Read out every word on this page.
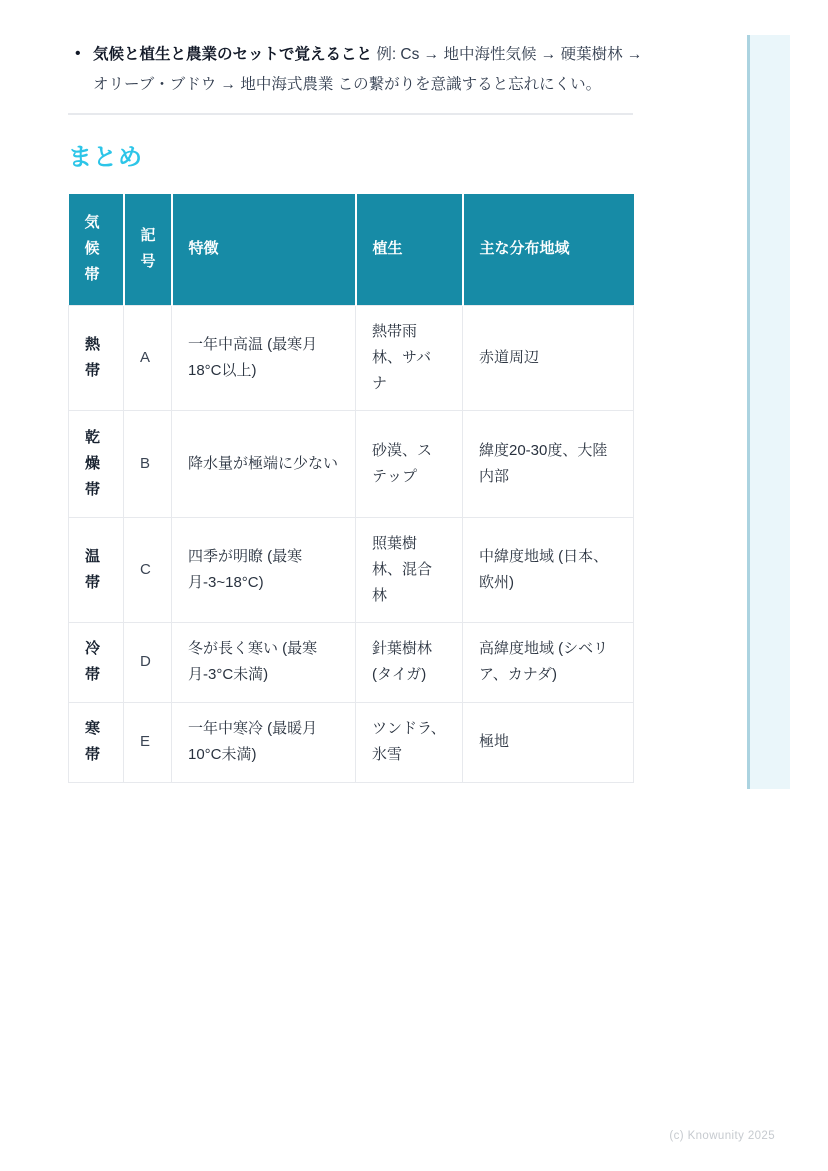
• 気候と植生と農業のセットで覚えること 例: Cs → 地中海性気候 → 硬葉樹林 → オリーブ・ブドウ → 地中海式農業 この繋がりを意識すると忘れにくい。
まとめ
気候帯	記号	特徴	植生	主な分布地域
熱帯	A	一年中高温 (最寒月18°C以上)	熱帯雨林、サバナ	赤道周辺
乾燥帯	B	降水量が極端に少ない	砂漠、ステップ	緯度20-30度、大陸内部
温帯	C	四季が明瞭 (最寒月-3~18°C)	照葉樹林、混合林	中緯度地域 (日本、欧州)
冷帯	D	冬が長く寒い (最寒月-3°C未満)	針葉樹林 (タイガ)	高緯度地域 (シベリア、カナダ)
寒帯	E	一年中寒冷 (最暖月10°C未満)	ツンドラ、氷雪	極地
(c) Knowunity 2025
